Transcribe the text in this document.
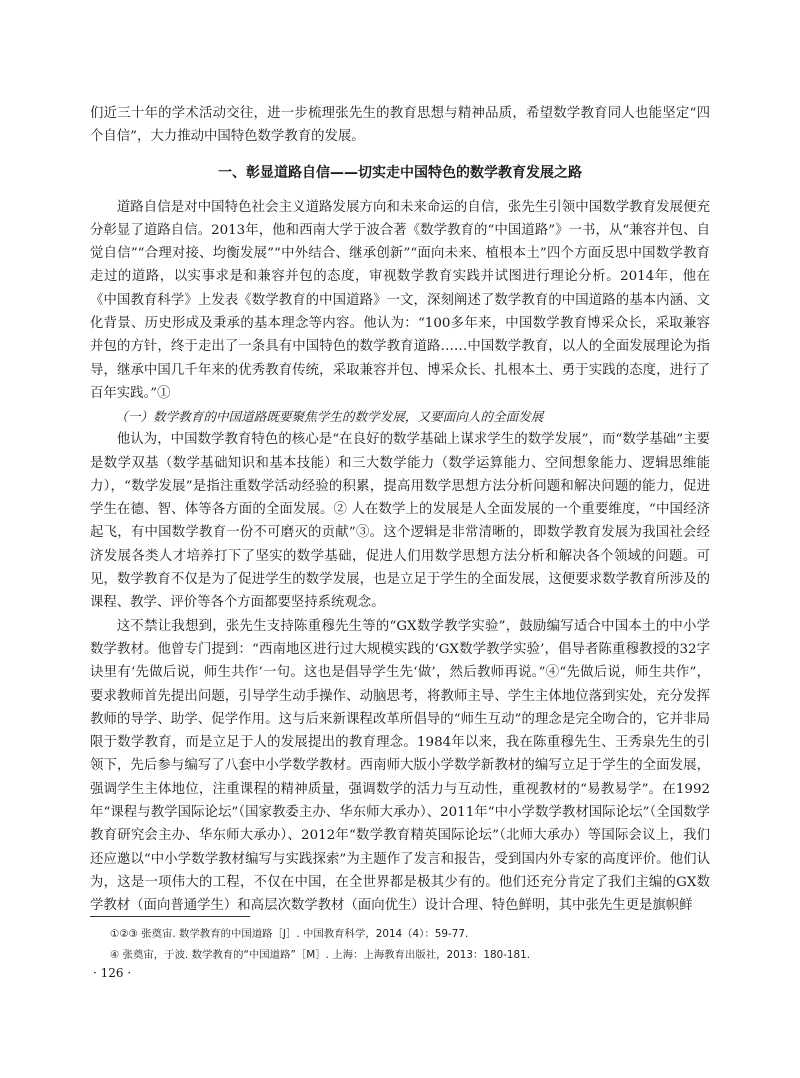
们近三十年的学术活动交往，进一步梳理张先生的教育思想与精神品质，希望数学教育同人也能坚定“四个自信”，大力推动中国特色数学教育的发展。

一、彰显道路自信——切实走中国特色的数学教育发展之路

道路自信是对中国特色社会主义道路发展方向和未来命运的自信，张先生引领中国数学教育发展便充分彰显了道路自信。2013年，他和西南大学于波合著《数学教育的“中国道路”》一书，从“兼容并包、自觉自信”“合理对接、均衡发展”“中外结合、继承创新”“面向未来、植根本土”四个方面反思中国数学教育走过的道路，以实事求是和兼容并包的态度，审视数学教育实践并试图进行理论分析。2014年，他在《中国教育科学》上发表《数学教育的中国道路》一文，深刻阐述了数学教育的中国道路的基本内涵、文化背景、历史形成及秉承的基本理念等内容。他认为：“100多年来，中国数学教育博采众长，采取兼容并包的方针，终于走出了一条具有中国特色的数学教育道路……中国数学教育，以人的全面发展理论为指导，继承中国几千年来的优秀教育传统，采取兼容并包、博采众长、扎根本土、勇于实践的态度，进行了百年实践。”①

（一）数学教育的中国道路既要聚焦学生的数学发展，又要面向人的全面发展

他认为，中国数学教育特色的核心是“在良好的数学基础上谋求学生的数学发展”，而“数学基础”主要是数学双基（数学基础知识和基本技能）和三大数学能力（数学运算能力、空间想象能力、逻辑思维能力），“数学发展”是指注重数学活动经验的积累，提高用数学思想方法分析问题和解决问题的能力，促进学生在德、智、体等各方面的全面发展。② 人在数学上的发展是人全面发展的一个重要维度，“中国经济起飞，有中国数学教育一份不可磨灭的贡献”③。这个逻辑是非常清晰的，即数学教育发展为我国社会经济发展各类人才培养打下了坚实的数学基础，促进人们用数学思想方法分析和解决各个领域的问题。可见，数学教育不仅是为了促进学生的数学发展，也是立足于学生的全面发展，这便要求数学教育所涉及的课程、教学、评价等各个方面都要坚持系统观念。

这不禁让我想到，张先生支持陈重穆先生等的“GX数学教学实验”，鼓励编写适合中国本土的中小学数学教材。他曾专门提到：“西南地区进行过大规模实践的‘GX数学教学实验’，倡导者陈重穆教授的32字诀里有‘先做后说，师生共作’一句。这也是倡导学生先‘做’，然后教师再说。”④“先做后说，师生共作”，要求教师首先提出问题，引导学生动手操作、动脑思考，将教师主导、学生主体地位落到实处，充分发挥教师的导学、助学、促学作用。这与后来新课程改革所倡导的“师生互动”的理念是完全吻合的，它并非局限于数学教育，而是立足于人的发展提出的教育理念。1984年以来，我在陈重穆先生、王秀泉先生的引领下，先后参与编写了八套中小学数学教材。西南师大版小学数学新教材的编写立足于学生的全面发展，强调学生主体地位，注重课程的精神质量，强调数学的活力与互动性，重视教材的“易教易学”。在1992年“课程与教学国际论坛”（国家教委主办、华东师大承办）、2011年“中小学数学教材国际论坛”（全国数学教育研究会主办、华东师大承办）、2012年“数学教育精英国际论坛”（北师大承办）等国际会议上，我们还应邀以“中小学数学教材编写与实践探索”为主题作了发言和报告，受到国内外专家的高度评价。他们认为，这是一项伟大的工程，不仅在中国，在全世界都是极其少有的。他们还充分肯定了我们主编的GX数学教材（面向普通学生）和高层次数学教材（面向优生）设计合理、特色鲜明，其中张先生更是旗帜鲜

①②③ 张奠宙. 数学教育的中国道路［J］. 中国教育科学，2014（4）：59-77.

④ 张奠宙，于波. 数学教育的“中国道路”［M］. 上海：上海教育出版社，2013：180-181.

· 126 ·
